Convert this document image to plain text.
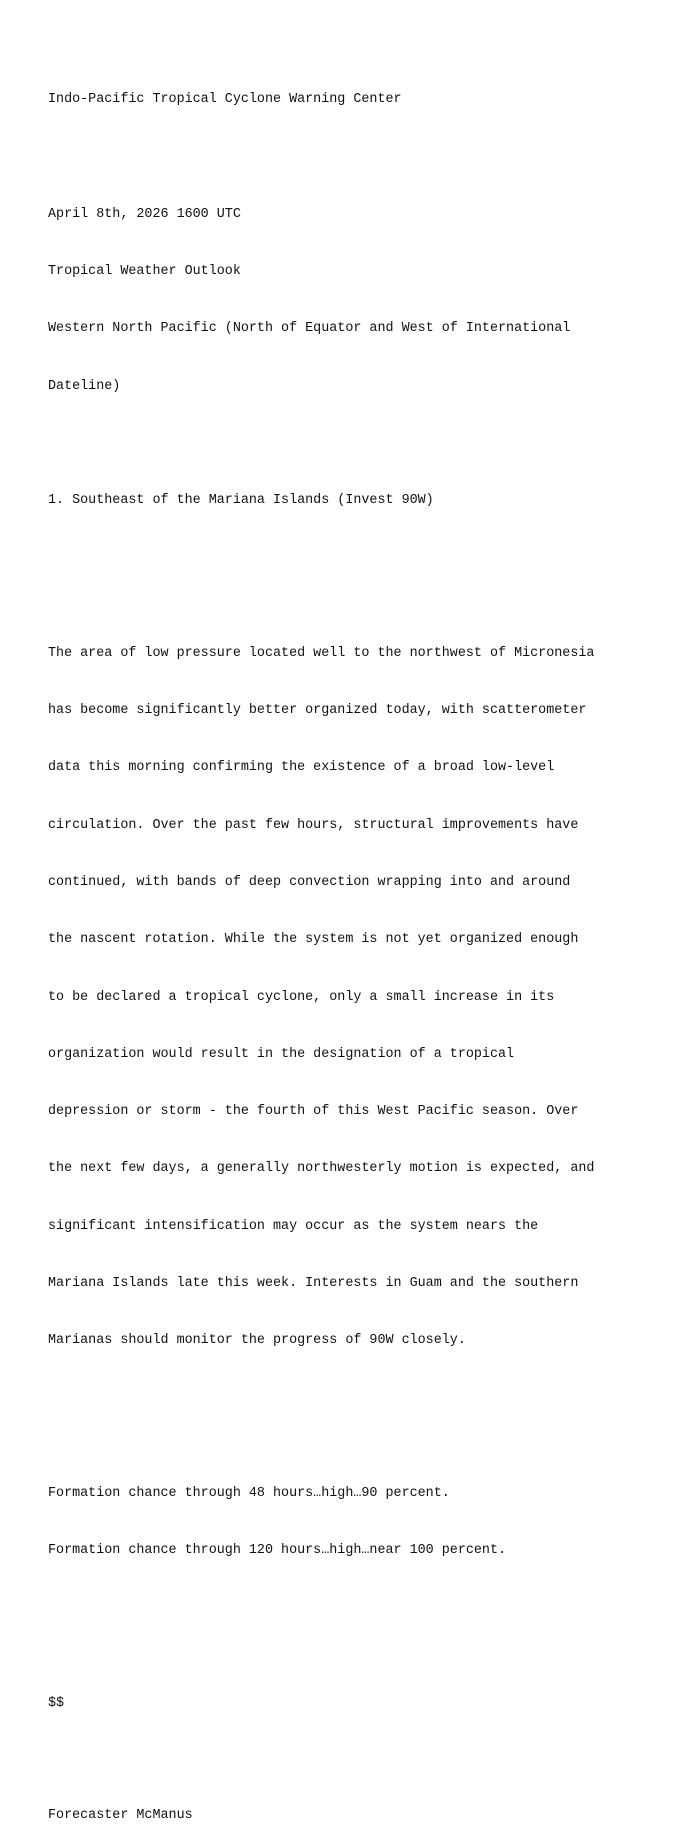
Indo-Pacific Tropical Cyclone Warning Center

April 8th, 2026 1600 UTC

Tropical Weather Outlook

Western North Pacific (North of Equator and West of International

Dateline)

1. Southeast of the Mariana Islands (Invest 90W)

The area of low pressure located well to the northwest of Micronesia

has become significantly better organized today, with scatterometer

data this morning confirming the existence of a broad low-level

circulation. Over the past few hours, structural improvements have

continued, with bands of deep convection wrapping into and around

the nascent rotation. While the system is not yet organized enough

to be declared a tropical cyclone, only a small increase in its

organization would result in the designation of a tropical

depression or storm - the fourth of this West Pacific season. Over

the next few days, a generally northwesterly motion is expected, and

significant intensification may occur as the system nears the

Mariana Islands late this week. Interests in Guam and the southern

Marianas should monitor the progress of 90W closely.

Formation chance through 48 hours…high…90 percent.

Formation chance through 120 hours…high…near 100 percent.

$$

Forecaster McManus
